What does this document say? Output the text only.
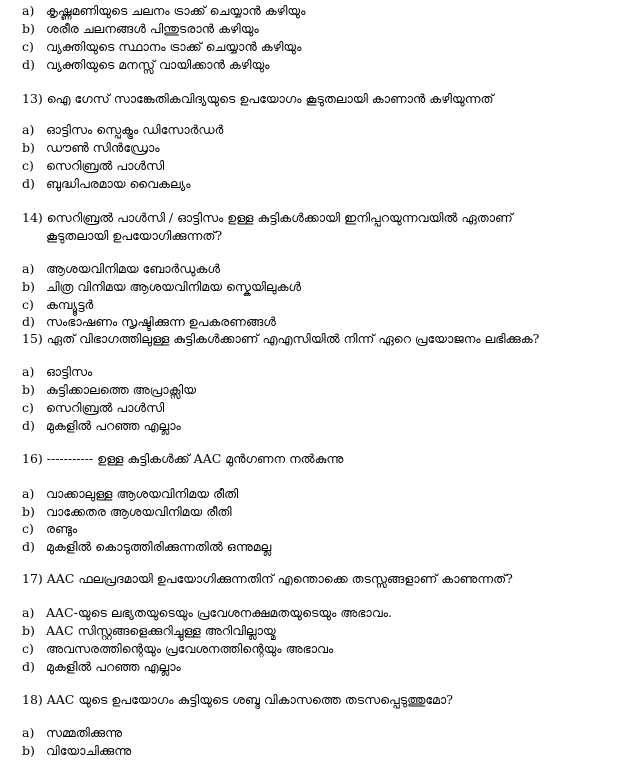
a) കൃഷ്ണമണിയുടെ ചലനം ട്രാക്ക് ചെയ്യാൻ കഴിയും
b) ശരീര ചലനങ്ങൾ പിന്തുടരാൻ കഴിയും
c) വ്യക്തിയുടെ സ്ഥാനം ട്രാക്ക് ചെയ്യാൻ കഴിയും
d) വ്യക്തിയുടെ മനസ്സ് വായിക്കാൻ കഴിയും
13) ഐ ഗേസ് സാങ്കേതികവിദ്യയുടെ ഉപയോഗം കൂടുതലായി കാണാൻ കഴിയുന്നത്
a) ഓട്ടിസം സ്പെക്ട്രം ഡിസോർഡർ
b) ഡൗൺ സിൻഡ്രോം
c) സെറിബ്രൽ പാൾസി
d) ബുദ്ധിപരമായ വൈകല്യം
14) സെറിബ്രൽ പാൾസി / ഓട്ടിസം ഉള്ള കുട്ടികൾക്കായി ഇനിപ്പറയുന്നവയിൽ ഏതാണ്
കൂടുതലായി ഉപയോഗിക്കുന്നത്?
a) ആശയവിനിമയ ബോർഡുകൾ
b) ചിത്ര വിനിമയ ആശയവിനിമയ സ്കെയിലുകൾ
c) കമ്പ്യൂട്ടർ
d) സംഭാഷണം സൃഷ്ടിക്കുന്ന ഉപകരണങ്ങൾ
15) ഏത് വിഭാഗത്തിലുള്ള കുട്ടികൾക്കാണ് എഎസിയിൽ നിന്ന് ഏറെ പ്രയോജനം ലഭിക്കുക?
a) ഓട്ടിസം
b) കുട്ടിക്കാലത്തെ അപ്രാക്സിയ
c) സെറിബ്രൽ പാൾസി
d) മുകളിൽ പറഞ്ഞ എല്ലാം
16) ----------- ഉള്ള കുട്ടികൾക്ക് AAC മുൻഗണന നൽകുന്നു
a) വാക്കാലുള്ള ആശയവിനിമയ രീതി
b) വാക്കേതര ആശയവിനിമയ രീതി
c) രണ്ടും
d) മുകളിൽ കൊടുത്തിരിക്കുന്നതിൽ ഒന്നുമല്ല
17) AAC ഫലപ്രദമായി ഉപയോഗിക്കുന്നതിന് എന്തൊക്കെ തടസ്സങ്ങളാണ് കാണുന്നത്?
a) AAC-യുടെ ലഭ്യതയുടെയും പ്രവേശനക്ഷമതയുടെയും അഭാവം.
b) AAC സിസ്റ്റങ്ങളെക്കുറിച്ചുള്ള അറിവില്ലായ്മ
c) അവസരത്തിന്റെയും പ്രവേശനത്തിന്റെയും അഭാവം
d) മുകളിൽ പറഞ്ഞ എല്ലാം
18) AAC യുടെ ഉപയോഗം കുട്ടിയുടെ ശബ്ദ വികാസത്തെ തടസപ്പെടുത്തുമോ?
a) സമ്മതിക്കുന്നു
b) വിയോചിക്കുന്നു
